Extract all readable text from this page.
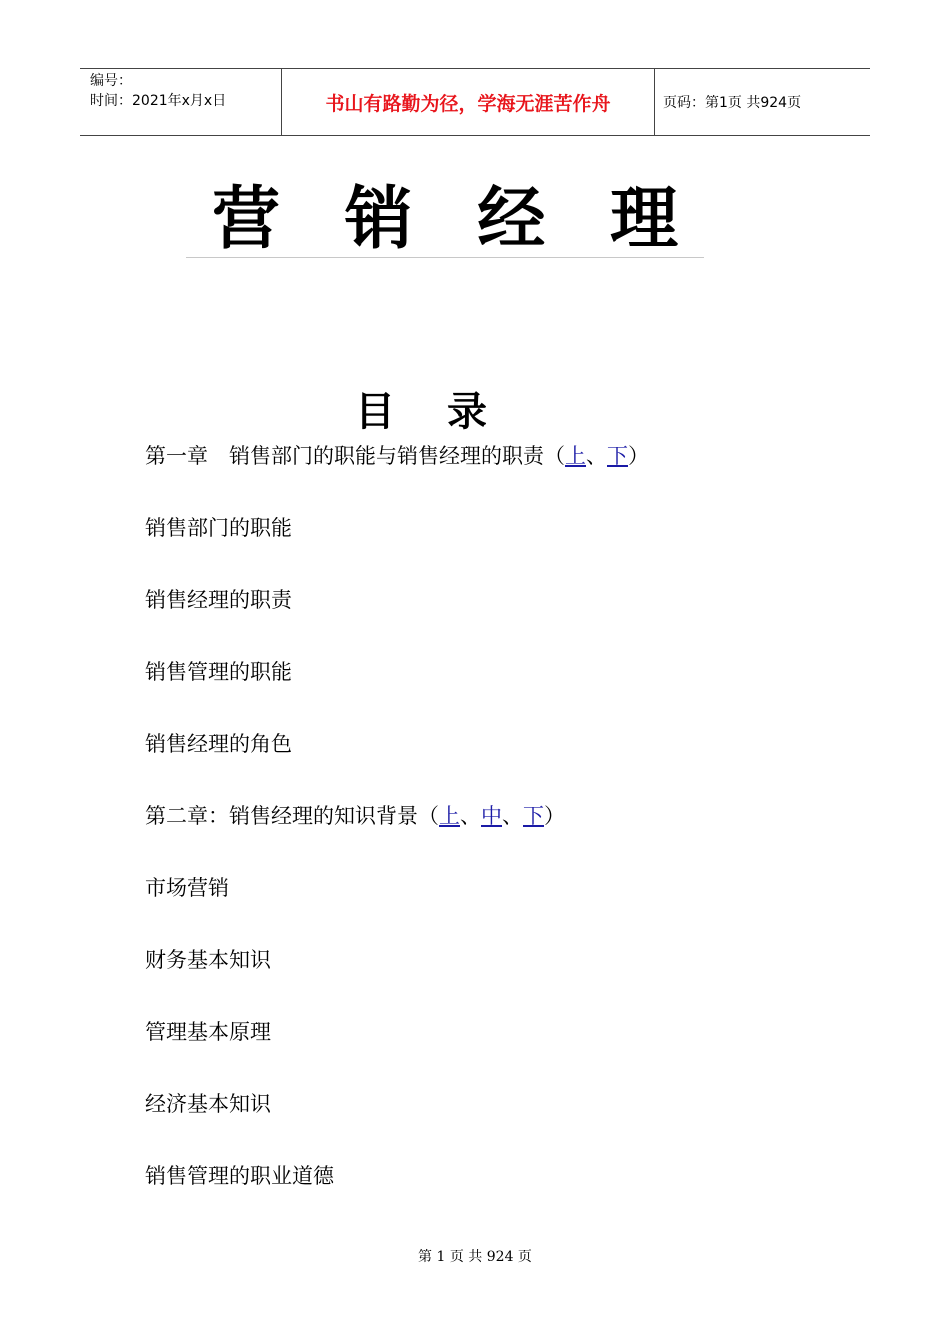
编号：
时间：2021年x月x日	书山有路勤为径，学海无涯苦作舟	页码：第1页 共924页
营 销 经 理
目录
第一章　销售部门的职能与销售经理的职责（上、下）
销售部门的职能
销售经理的职责
销售管理的职能
销售经理的角色
第二章：销售经理的知识背景（上、中、下）
市场营销
财务基本知识
管理基本原理
经济基本知识
销售管理的职业道德
第 1 页 共 924 页
